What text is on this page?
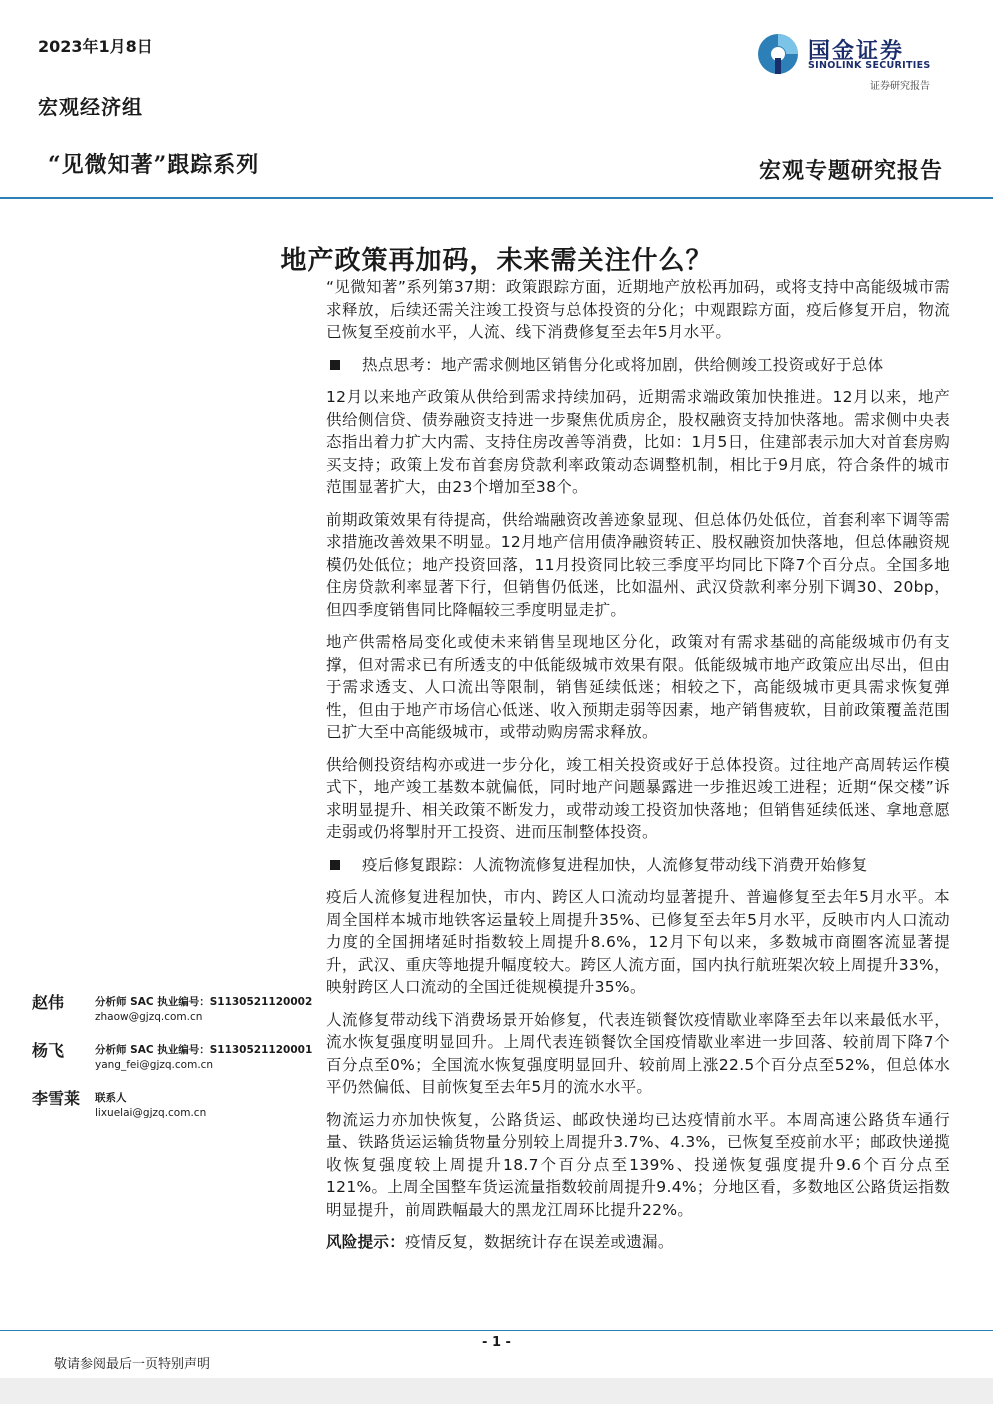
2023年1月8日
宏观经济组
“见微知著”跟踪系列
国金证券
SINOLINK SECURITIES
证券研究报告
宏观专题研究报告
地产政策再加码，未来需关注什么？

“见微知著”系列第37期：政策跟踪方面，近期地产放松再加码，或将支持中高能级城市需求释放，后续还需关注竣工投资与总体投资的分化；中观跟踪方面，疫后修复开启，物流已恢复至疫前水平，人流、线下消费修复至去年5月水平。

热点思考：地产需求侧地区销售分化或将加剧，供给侧竣工投资或好于总体

12月以来地产政策从供给到需求持续加码，近期需求端政策加快推进。12月以来，地产供给侧信贷、债券融资支持进一步聚焦优质房企，股权融资支持加快落地。需求侧中央表态指出着力扩大内需、支持住房改善等消费，比如：1月5日，住建部表示加大对首套房购买支持；政策上发布首套房贷款利率政策动态调整机制，相比于9月底，符合条件的城市范围显著扩大，由23个增加至38个。

前期政策效果有待提高，供给端融资改善迹象显现、但总体仍处低位，首套利率下调等需求措施改善效果不明显。12月地产信用债净融资转正、股权融资加快落地，但总体融资规模仍处低位；地产投资回落，11月投资同比较三季度平均同比下降7个百分点。全国多地住房贷款利率显著下行，但销售仍低迷，比如温州、武汉贷款利率分别下调30、20bp，但四季度销售同比降幅较三季度明显走扩。

地产供需格局变化或使未来销售呈现地区分化，政策对有需求基础的高能级城市仍有支撑，但对需求已有所透支的中低能级城市效果有限。低能级城市地产政策应出尽出，但由于需求透支、人口流出等限制，销售延续低迷；相较之下，高能级城市更具需求恢复弹性，但由于地产市场信心低迷、收入预期走弱等因素，地产销售疲软，目前政策覆盖范围已扩大至中高能级城市，或带动购房需求释放。

供给侧投资结构亦或进一步分化，竣工相关投资或好于总体投资。过往地产高周转运作模式下，地产竣工基数本就偏低，同时地产问题暴露进一步推迟竣工进程；近期“保交楼”诉求明显提升、相关政策不断发力，或带动竣工投资加快落地；但销售延续低迷、拿地意愿走弱或仍将掣肘开工投资、进而压制整体投资。

疫后修复跟踪：人流物流修复进程加快，人流修复带动线下消费开始修复

疫后人流修复进程加快，市内、跨区人口流动均显著提升、普遍修复至去年5月水平。本周全国样本城市地铁客运量较上周提升35%、已修复至去年5月水平，反映市内人口流动力度的全国拥堵延时指数较上周提升8.6%，12月下旬以来，多数城市商圈客流显著提升，武汉、重庆等地提升幅度较大。跨区人流方面，国内执行航班架次较上周提升33%，映射跨区人口流动的全国迁徙规模提升35%。

人流修复带动线下消费场景开始修复，代表连锁餐饮疫情歇业率降至去年以来最低水平，流水恢复强度明显回升。上周代表连锁餐饮全国疫情歇业率进一步回落、较前周下降7个百分点至0%；全国流水恢复强度明显回升、较前周上涨22.5个百分点至52%，但总体水平仍然偏低、目前恢复至去年5月的流水水平。

物流运力亦加快恢复，公路货运、邮政快递均已达疫情前水平。本周高速公路货车通行量、铁路货运运输货物量分别较上周提升3.7%、4.3%，已恢复至疫前水平；邮政快递揽收恢复强度较上周提升18.7个百分点至139%、投递恢复强度提升9.6个百分点至121%。上周全国整车货运流量指数较前周提升9.4%；分地区看，多数地区公路货运指数明显提升，前周跌幅最大的黑龙江周环比提升22%。

风险提示：疫情反复，数据统计存在误差或遗漏。

赵伟	分析师 SAC 执业编号：S1130521120002
zhaow@gjzq.com.cn
杨飞	分析师 SAC 执业编号：S1130521120001
yang_fei@gjzq.com.cn
李雪莱 联系人
lixuelai@gjzq.com.cn
- 1 -
敬请参阅最后一页特别声明
